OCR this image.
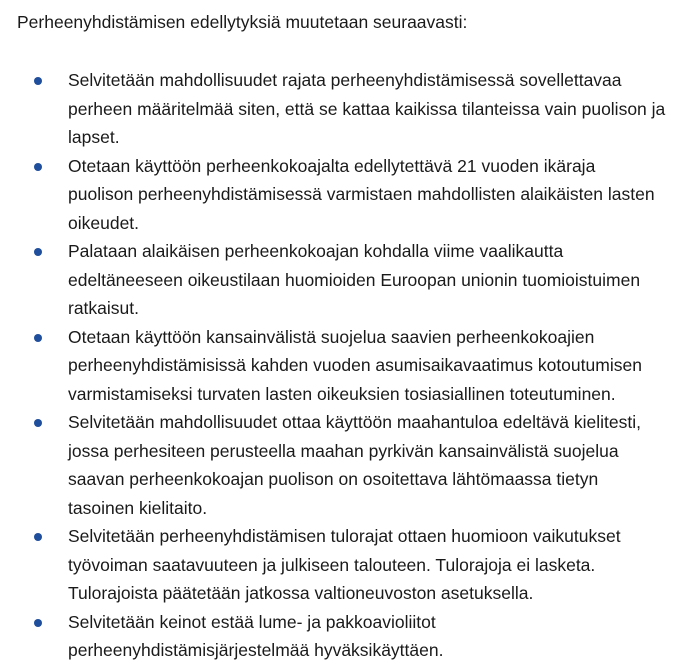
Perheenyhdistämisen edellytyksiä muutetaan seuraavasti:
Selvitetään mahdollisuudet rajata perheenyhdistämisessä sovellettavaa
perheen määritelmää siten, että se kattaa kaikissa tilanteissa vain puolison ja
lapset.
Otetaan käyttöön perheenkokoajalta edellytettävä 21 vuoden ikäraja
puolison perheenyhdistämisessä varmistaen mahdollisten alaikäisten lasten
oikeudet.
Palataan alaikäisen perheenkokoajan kohdalla viime vaalikautta
edeltäneeseen oikeustilaan huomioiden Euroopan unionin tuomioistuimen
ratkaisut.
Otetaan käyttöön kansainvälistä suojelua saavien perheenkokoajien
perheenyhdistämisissä kahden vuoden asumisaikavaatimus kotoutumisen
varmistamiseksi turvaten lasten oikeuksien tosiasiallinen toteutuminen.
Selvitetään mahdollisuudet ottaa käyttöön maahantuloa edeltävä kielitesti,
jossa perhesiteen perusteella maahan pyrkivän kansainvälistä suojelua
saavan perheenkokoajan puolison on osoitettava lähtömaassa tietyn
tasoinen kielitaito.
Selvitetään perheenyhdistämisen tulorajat ottaen huomioon vaikutukset
työvoiman saatavuuteen ja julkiseen talouteen. Tulorajoja ei lasketa.
Tulorajoista päätetään jatkossa valtioneuvoston asetuksella.
Selvitetään keinot estää lume- ja pakkoavioliitot
perheenyhdistämisjärjestelmää hyväksikäyttäen.
